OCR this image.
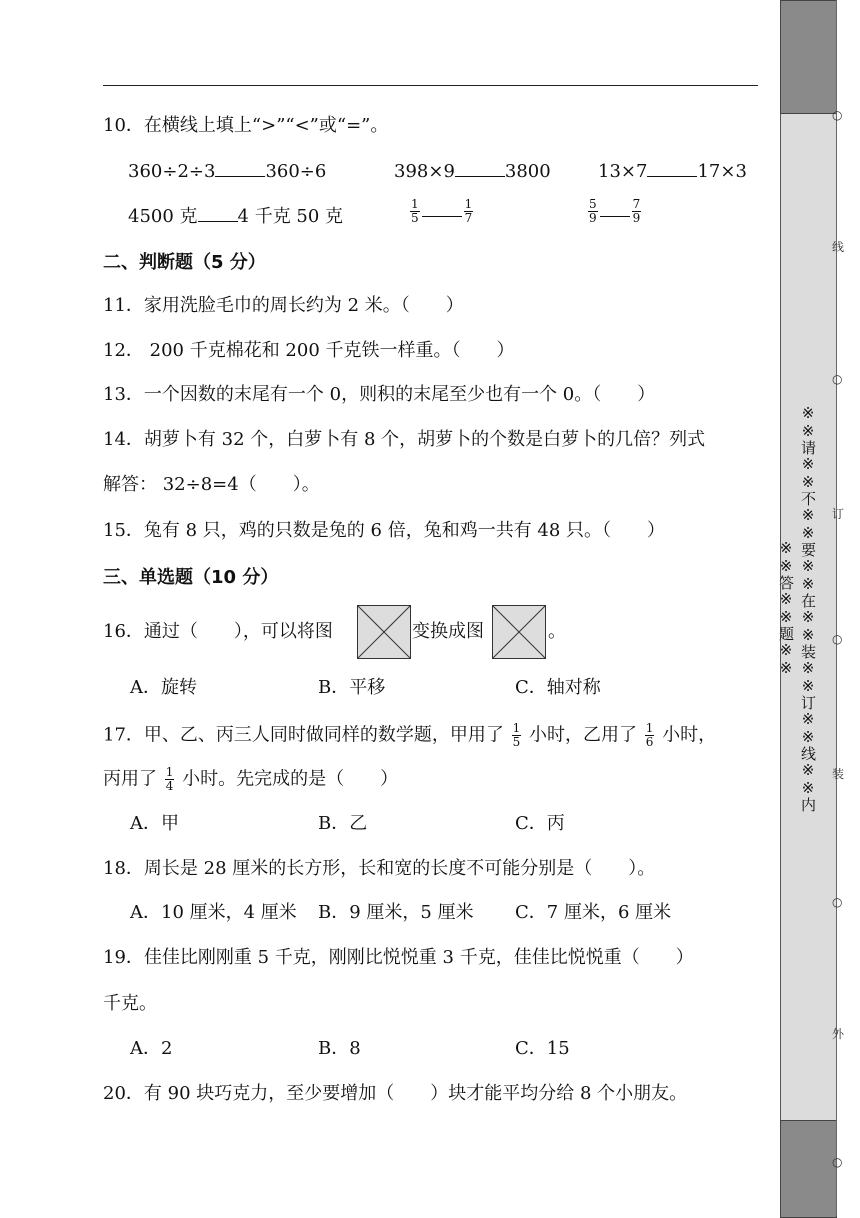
10．在横线上填上“>”“<”或“=”。
360÷2÷3	360÷6	398×9	3800	13×7	17×3
4500 克 4 千克 50 克	$\frac{1}{5}$	$\frac{1}{7}$	$\frac{5}{9}$	$\frac{7}{9}$
二、判断题（5 分）
11．家用洗脸毛巾的周长约为 2 米。（　　）
12． 200 千克棉花和 200 千克铁一样重。（　　）
13．一个因数的末尾有一个 0，则积的末尾至少也有一个 0。（　　）
14．胡萝卜有 32 个，白萝卜有 8 个，胡萝卜的个数是白萝卜的几倍？列式
解答： 32÷8=4（　　）。
15．兔有 8 只，鸡的只数是兔的 6 倍，兔和鸡一共有 48 只。（　　）
三、单选题（10 分）
16．通过（　　），可以将图	变换成图	。
A．旋转	B．平移	C．轴对称
17．甲、乙、丙三人同时做同样的数学题，甲用了 $\frac{1}{5}$ 小时，乙用了 $\frac{1}{6}$ 小时，
丙用了 $\frac{1}{4}$ 小时。先完成的是（　　）
A．甲	B．乙	C．丙
18．周长是 28 厘米的长方形，长和宽的长度不可能分别是（　　）。
A．10 厘米，4 厘米 B．9 厘米，5 厘米 C．7 厘米，6 厘米
19．佳佳比刚刚重 5 千克，刚刚比悦悦重 3 千克，佳佳比悦悦重（　　）
千克。
A．2	B．8	C．15
20．有 90 块巧克力，至少要增加（　　）块才能平均分给 8 个小朋友。
※※请※※不※※要※※在※※装※※订※※线※※内※※答※※题※※
○
线
○
订
○
装
○
外
○
